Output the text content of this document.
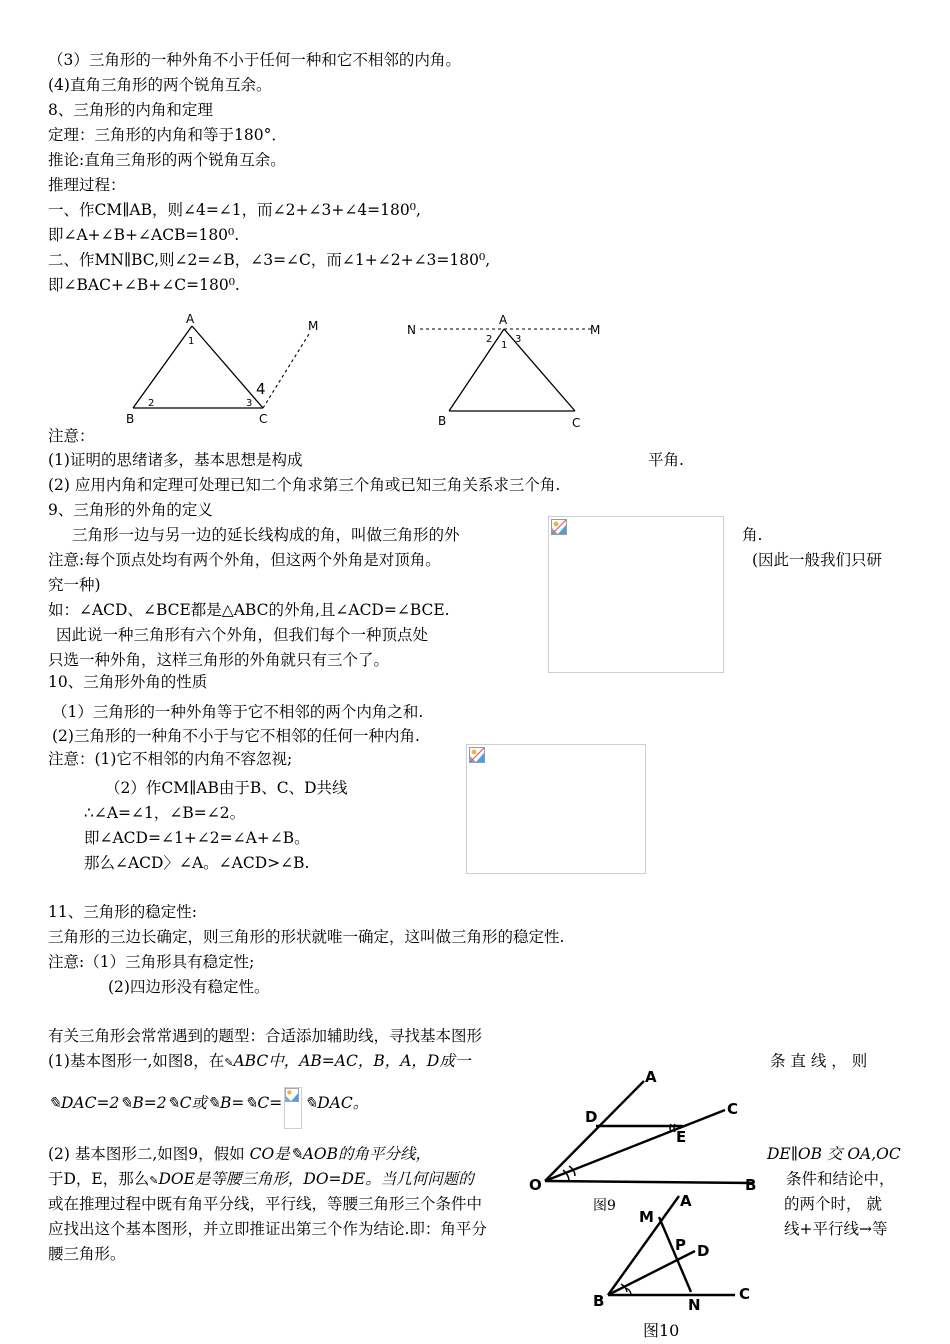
（3）三角形的一种外角不小于任何一种和它不相邻的内角。
(4)直角三角形的两个锐角互余。
8、三角形的内角和定理
定理：三角形的内角和等于180°．
推论:直角三角形的两个锐角互余。
推理过程：
一、作CM∥AB，则∠4=∠1，而∠2+∠3+∠4=180⁰,
即∠A+∠B+∠ACB=180⁰.
二、作MN∥BC,则∠2=∠B，∠3=∠C，而∠1+∠2+∠3=180⁰,
即∠BAC+∠B+∠C=180⁰.
A
1
M
2	3
4
B	C
N
A
M
2
1
3
B	C
注意：
(1)证明的思绪诸多，基本思想是构成	平角.
(2) 应用内角和定理可处理已知二个角求第三个角或已知三角关系求三个角.
9、三角形的外角的定义
三角形一边与另一边的延长线构成的角，叫做三角形的外	角.
注意:每个顶点处均有两个外角，但这两个外角是对顶角。	(因此一般我们只研
究一种)
如：∠ACD、∠BCE都是△ABC的外角,且∠ACD=∠BCE.
因此说一种三角形有六个外角，但我们每个一种顶点处
只选一种外角，这样三角形的外角就只有三个了。
10、三角形外角的性质
（1）三角形的一种外角等于它不相邻的两个内角之和.
(2)三角形的一种角不小于与它不相邻的任何一种内角.
注意：(1)它不相邻的内角不容忽视;
（2）作CM∥AB由于B、C、D共线
∴∠A=∠1，∠B=∠2。
即∠ACD=∠1+∠2=∠A+∠B。
那么∠ACD〉∠A。∠ACD>∠B.
11、三角形的稳定性:
三角形的三边长确定，则三角形的形状就唯一确定，这叫做三角形的稳定性.
注意:（1）三角形具有稳定性;
(2)四边形没有稳定性。
有关三角形会常常遇到的题型：合适添加辅助线，寻找基本图形
(1)基本图形一,如图8，在✎ABC中，AB=AC，B，A，D成一	条 直 线 ， 则
✎DAC=2✎B=2✎C或✎B=✎C= ✎DAC。
(2) 基本图形二,如图9，假如 CO是✎AOB的角平分线，	DE∥OB 交 OA,OC
于D，E，那么✎DOE是等腰三角形，DO=DE。当几何问题的	条件和结论中，
或在推理过程中既有角平分线，平行线，等腰三角形三个条件中	的两个时， 就
应找出这个基本图形，并立即推证出第三个作为结论.即：角平分	线+平行线→等
腰三角形。
A
D	C
E
O	B
图9	A
M
P D
B	N
C
图10
